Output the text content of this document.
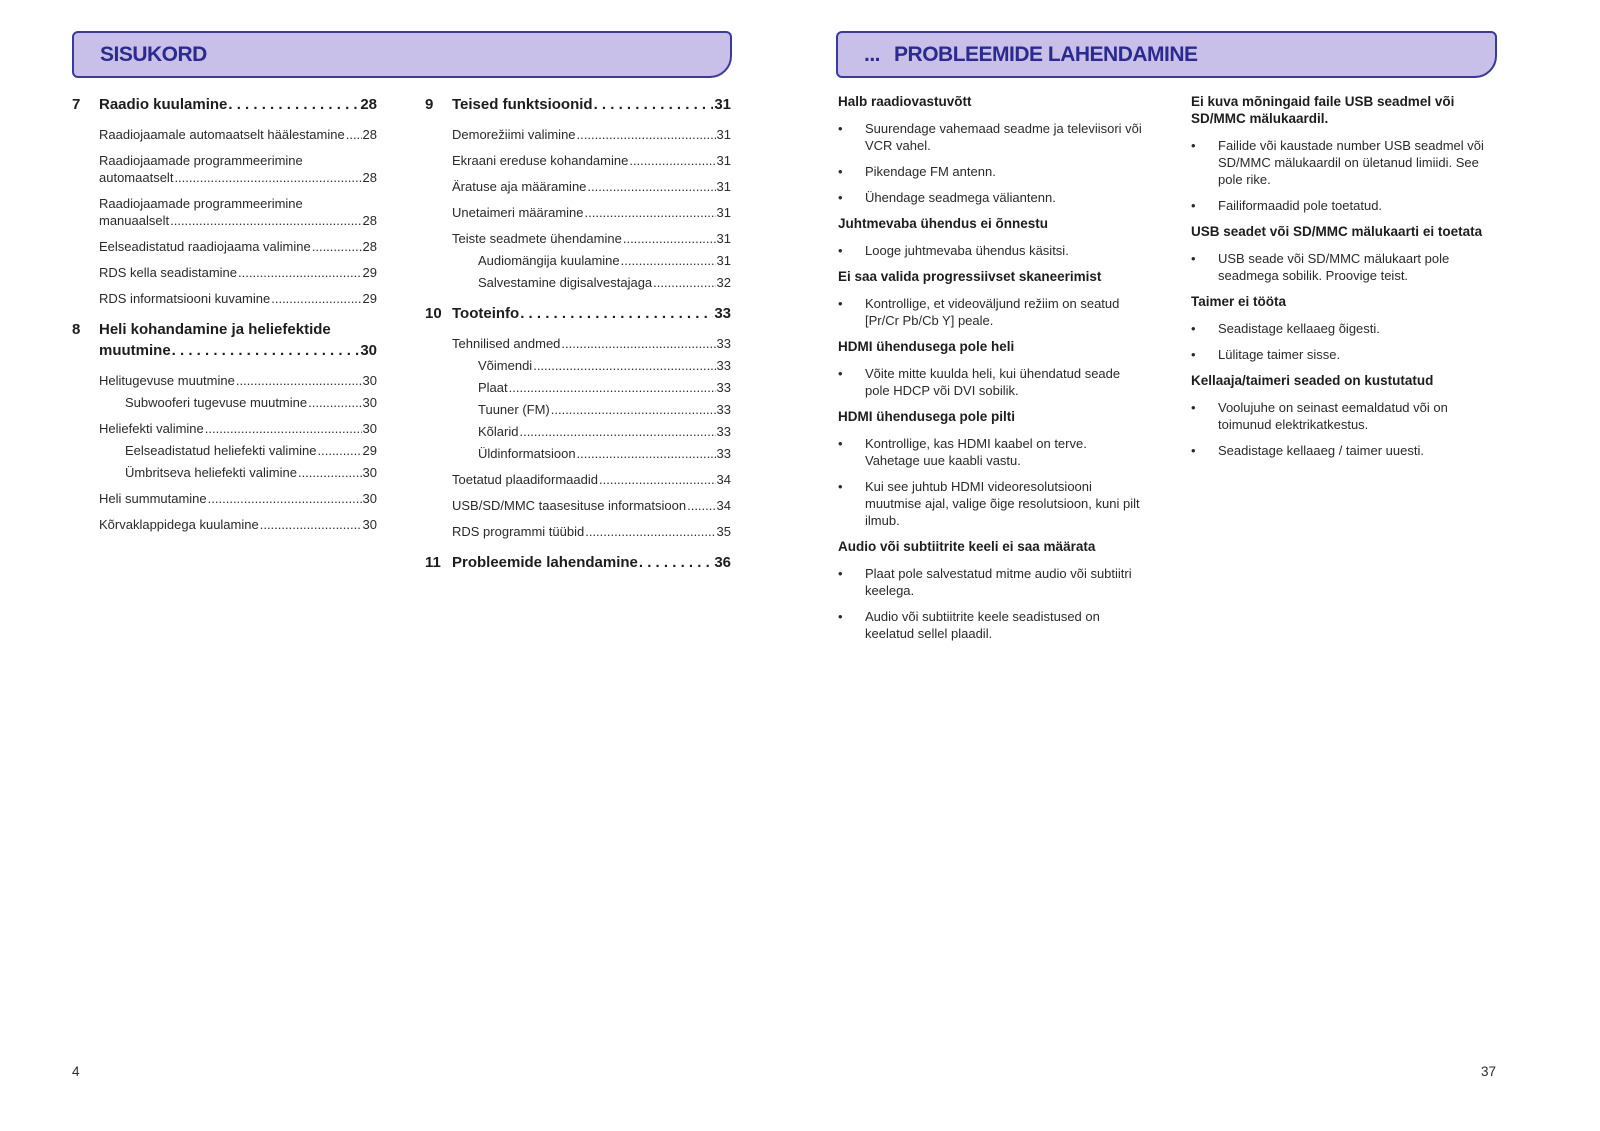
SISUKORD
7	Raadio kuulamine . . .	28
Raadiojaamale automaatselt häälestamine ..... 28
Raadiojaamade programmeerimine
automaatselt .....	28
Raadiojaamade programmeerimine
manuaalselt .....	28
Eelseadistatud raadiojaama valimine .....	28
RDS kella seadistamine .....	29
RDS informatsiooni kuvamine .....	29
8	Heli kohandamine ja heliefektide
muutmine . . .	30
Helitugevuse muutmine .....	30
Subwooferi tugevuse muutmine .....	30
Heliefekti valimine .....	30
Eelseadistatud heliefekti valimine .....	29
Ümbritseva heliefekti valimine .....	30
Heli summutamine .....	30
Kõrvaklappidega kuulamine .....	30
9	Teised funktsioonid . . .	31
Demorežiimi valimine .....	31
Ekraani ereduse kohandamine .....	31
Äratuse aja määramine .....	31
Unetaimeri määramine .....	31
Teiste seadmete ühendamine .....	31
Audiomängija kuulamine .....	31
Salvestamine digisalvestajaga .....	32
10 Tooteinfo . . .	33
Tehnilised andmed .....	33
Võimendi .....	33
Plaat .....	33
Tuuner (FM) .....	33
Kõlarid .....	33
Üldinformatsioon .....	33
Toetatud plaadiformaadid .....	34
USB/SD/MMC taasesituse informatsioon ..... 34
RDS programmi tüübid .....	35
11 Probleemide lahendamine . . .	36
... PROBLEEMIDE LAHENDAMINE
Halb raadiovastuvõtt
• Suurendage vahemaad seadme ja televiisori või VCR vahel.
• Pikendage FM antenn.
• Ühendage seadmega väliantenn.
Juhtmevaba ühendus ei õnnestu
• Looge juhtmevaba ühendus käsitsi.
Ei saa valida progressiivset skaneerimist
• Kontrollige, et videoväljund režiim on seatud [Pr/Cr Pb/Cb Y] peale.
HDMI ühendusega pole heli
• Võite mitte kuulda heli, kui ühendatud seade pole HDCP või DVI sobilik.
HDMI ühendusega pole pilti
• Kontrollige, kas HDMI kaabel on terve. Vahetage uue kaabli vastu.
• Kui see juhtub HDMI videoresolutsiooni muutmise ajal, valige õige resolutsioon, kuni pilt ilmub.
Audio või subtiitrite keeli ei saa määrata
• Plaat pole salvestatud mitme audio või subtiitri keelega.
• Audio või subtiitrite keele seadistused on keelatud sellel plaadil.
Ei kuva mõningaid faile USB seadmel või SD/MMC mälukaardil.
• Failide või kaustade number USB seadmel või SD/MMC mälukaardil on ületanud limiidi. See pole rike.
• Failiformaadid pole toetatud.
USB seadet või SD/MMC mälukaarti ei toetata
• USB seade või SD/MMC mälukaart pole seadmega sobilik. Proovige teist.
Taimer ei tööta
• Seadistage kellaaeg õigesti.
• Lülitage taimer sisse.
Kellaaja/taimeri seaded on kustutatud
• Voolujuhe on seinast eemaldatud või on toimunud elektrikatkestus.
• Seadistage kellaaeg / taimer uuesti.
4	37
